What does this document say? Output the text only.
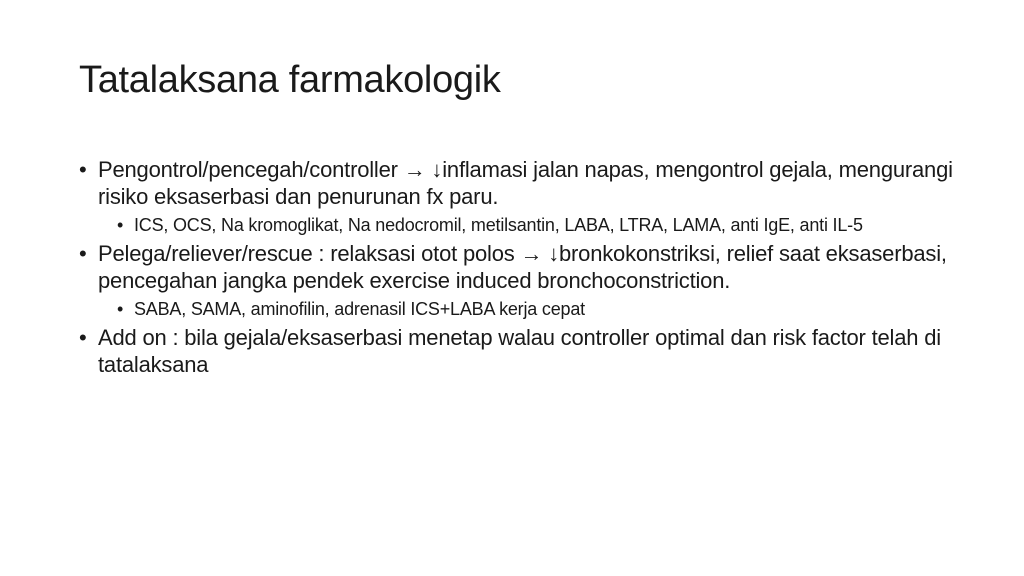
Tatalaksana farmakologik
• Pengontrol/pencegah/controller → ↓inflamasi jalan napas, mengontrol gejala, mengurangi risiko eksaserbasi dan penurunan fx paru.
• ICS, OCS, Na kromoglikat, Na nedocromil, metilsantin, LABA, LTRA, LAMA, anti IgE, anti IL-5
• Pelega/reliever/rescue : relaksasi otot polos → ↓bronkokonstriksi, relief saat eksaserbasi, pencegahan jangka pendek exercise induced bronchoconstriction.
• SABA, SAMA, aminofilin, adrenasil ICS+LABA kerja cepat
• Add on : bila gejala/eksaserbasi menetap walau controller optimal dan risk factor telah di tatalaksana
